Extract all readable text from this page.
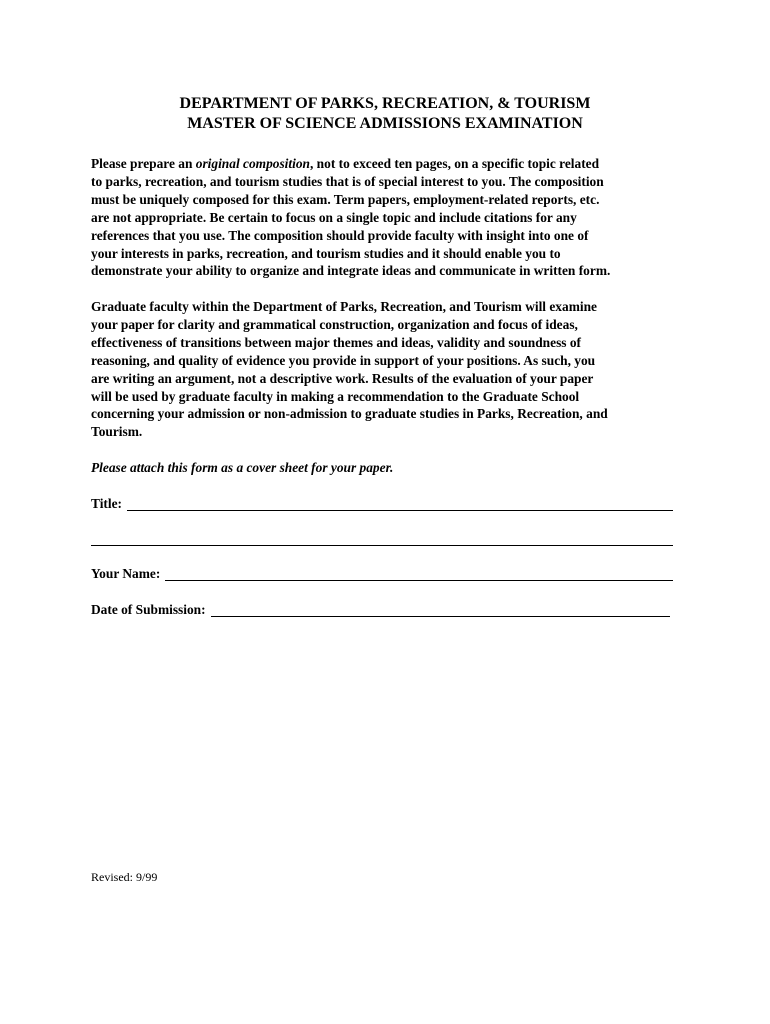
DEPARTMENT OF PARKS, RECREATION, & TOURISM
MASTER OF SCIENCE ADMISSIONS EXAMINATION
Please prepare an original composition, not to exceed ten pages, on a specific topic related
to parks, recreation, and tourism studies that is of special interest to you. The composition
must be uniquely composed for this exam. Term papers, employment-related reports, etc.
are not appropriate. Be certain to focus on a single topic and include citations for any
references that you use. The composition should provide faculty with insight into one of
your interests in parks, recreation, and tourism studies and it should enable you to
demonstrate your ability to organize and integrate ideas and communicate in written form.
Graduate faculty within the Department of Parks, Recreation, and Tourism will examine
your paper for clarity and grammatical construction, organization and focus of ideas,
effectiveness of transitions between major themes and ideas, validity and soundness of
reasoning, and quality of evidence you provide in support of your positions. As such, you
are writing an argument, not a descriptive work. Results of the evaluation of your paper
will be used by graduate faculty in making a recommendation to the Graduate School
concerning your admission or non-admission to graduate studies in Parks, Recreation, and
Tourism.
Please attach this form as a cover sheet for your paper.
Title:
Your Name:
Date of Submission:
Revised: 9/99
